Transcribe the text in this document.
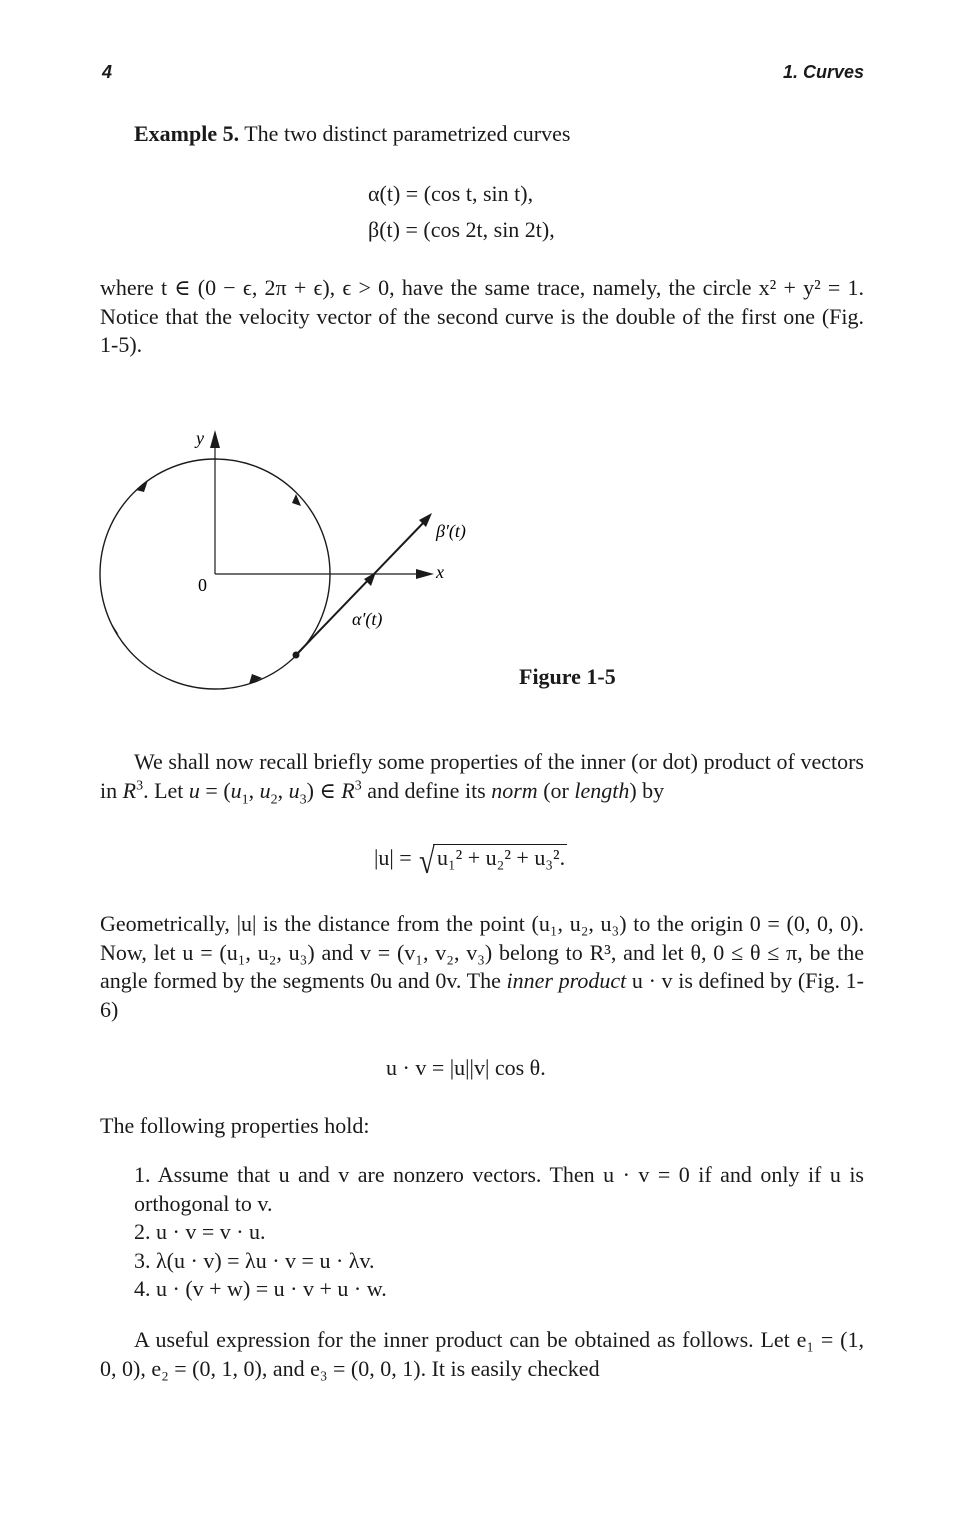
4	1. Curves
Example 5. The two distinct parametrized curves
α(t) = (cos t, sin t),
β(t) = (cos 2t, sin 2t),
where t ∈ (0 − ϵ, 2π + ϵ), ϵ > 0, have the same trace, namely, the circle x² + y² = 1. Notice that the velocity vector of the second curve is the double of the first one (Fig. 1-5).
y
x
0
β′(t)
α′(t)
Figure 1-5
We shall now recall briefly some properties of the inner (or dot) product of vectors in $R^3$. Let $u = (u_1$, $u_2$, $u_3$) ∈ $R^3$ and define its norm (or length) by
|u| = √u₁² + u₂² + u₃².
Geometrically, |u| is the distance from the point (u₁, u₂, u₃) to the origin 0 = (0, 0, 0). Now, let u = (u₁, u₂, u₃) and v = (v₁, v₂, v₃) belong to R³, and let θ, 0 ≤ θ ≤ π, be the angle formed by the segments 0u and 0v. The inner product u · v is defined by (Fig. 1-6)
u · v = |u||v| cos θ.
The following properties hold:
1. Assume that u and v are nonzero vectors. Then u · v = 0 if and only if u is orthogonal to v.
2. u · v = v · u.
3. λ(u · v) = λu · v = u · λv.
4. u · (v + w) = u · v + u · w.
A useful expression for the inner product can be obtained as follows. Let e₁ = (1, 0, 0), e₂ = (0, 1, 0), and e₃ = (0, 0, 1). It is easily checked
